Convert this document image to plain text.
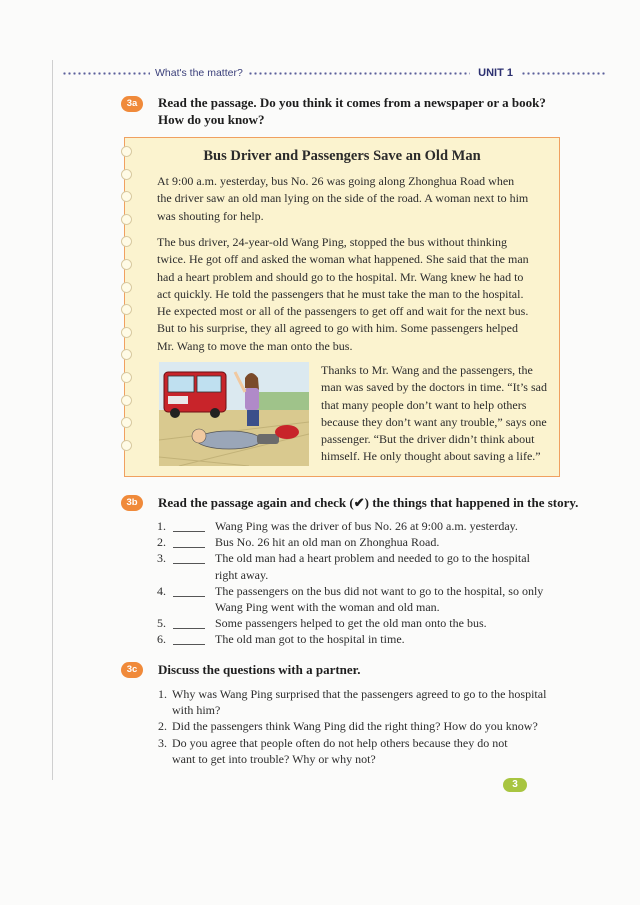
What's the matter?	UNIT 1
3a	Read the passage. Do you think it comes from a newspaper or a book?
How do you know?
Bus Driver and Passengers Save an Old Man
At 9:00 a.m. yesterday, bus No. 26 was going along Zhonghua Road when
the driver saw an old man lying on the side of the road. A woman next to him
was shouting for help.
The bus driver, 24-year-old Wang Ping, stopped the bus without thinking
twice. He got off and asked the woman what happened. She said that the man
had a heart problem and should go to the hospital. Mr. Wang knew he had to
act quickly. He told the passengers that he must take the man to the hospital.
He expected most or all of the passengers to get off and wait for the next bus.
But to his surprise, they all agreed to go with him. Some passengers helped
Mr. Wang to move the man onto the bus.
Thanks to Mr. Wang and the passengers, the
man was saved by the doctors in time. “It’s sad
that many people don’t want to help others
because they don’t want any trouble,” says one
passenger. “But the driver didn’t think about
himself. He only thought about saving a life.”
3b	Read the passage again and check (✔) the things that happened in the story.
1.	Wang Ping was the driver of bus No. 26 at 9:00 a.m. yesterday.
2.	Bus No. 26 hit an old man on Zhonghua Road.
3.	The old man had a heart problem and needed to go to the hospital
right away.
4.	The passengers on the bus did not want to go to the hospital, so only
Wang Ping went with the woman and old man.
5.	Some passengers helped to get the old man onto the bus.
6.	The old man got to the hospital in time.
3c	Discuss the questions with a partner.
1. Why was Wang Ping surprised that the passengers agreed to go to the hospital
with him?
2. Did the passengers think Wang Ping did the right thing? How do you know?
3. Do you agree that people often do not help others because they do not
want to get into trouble? Why or why not?
3
